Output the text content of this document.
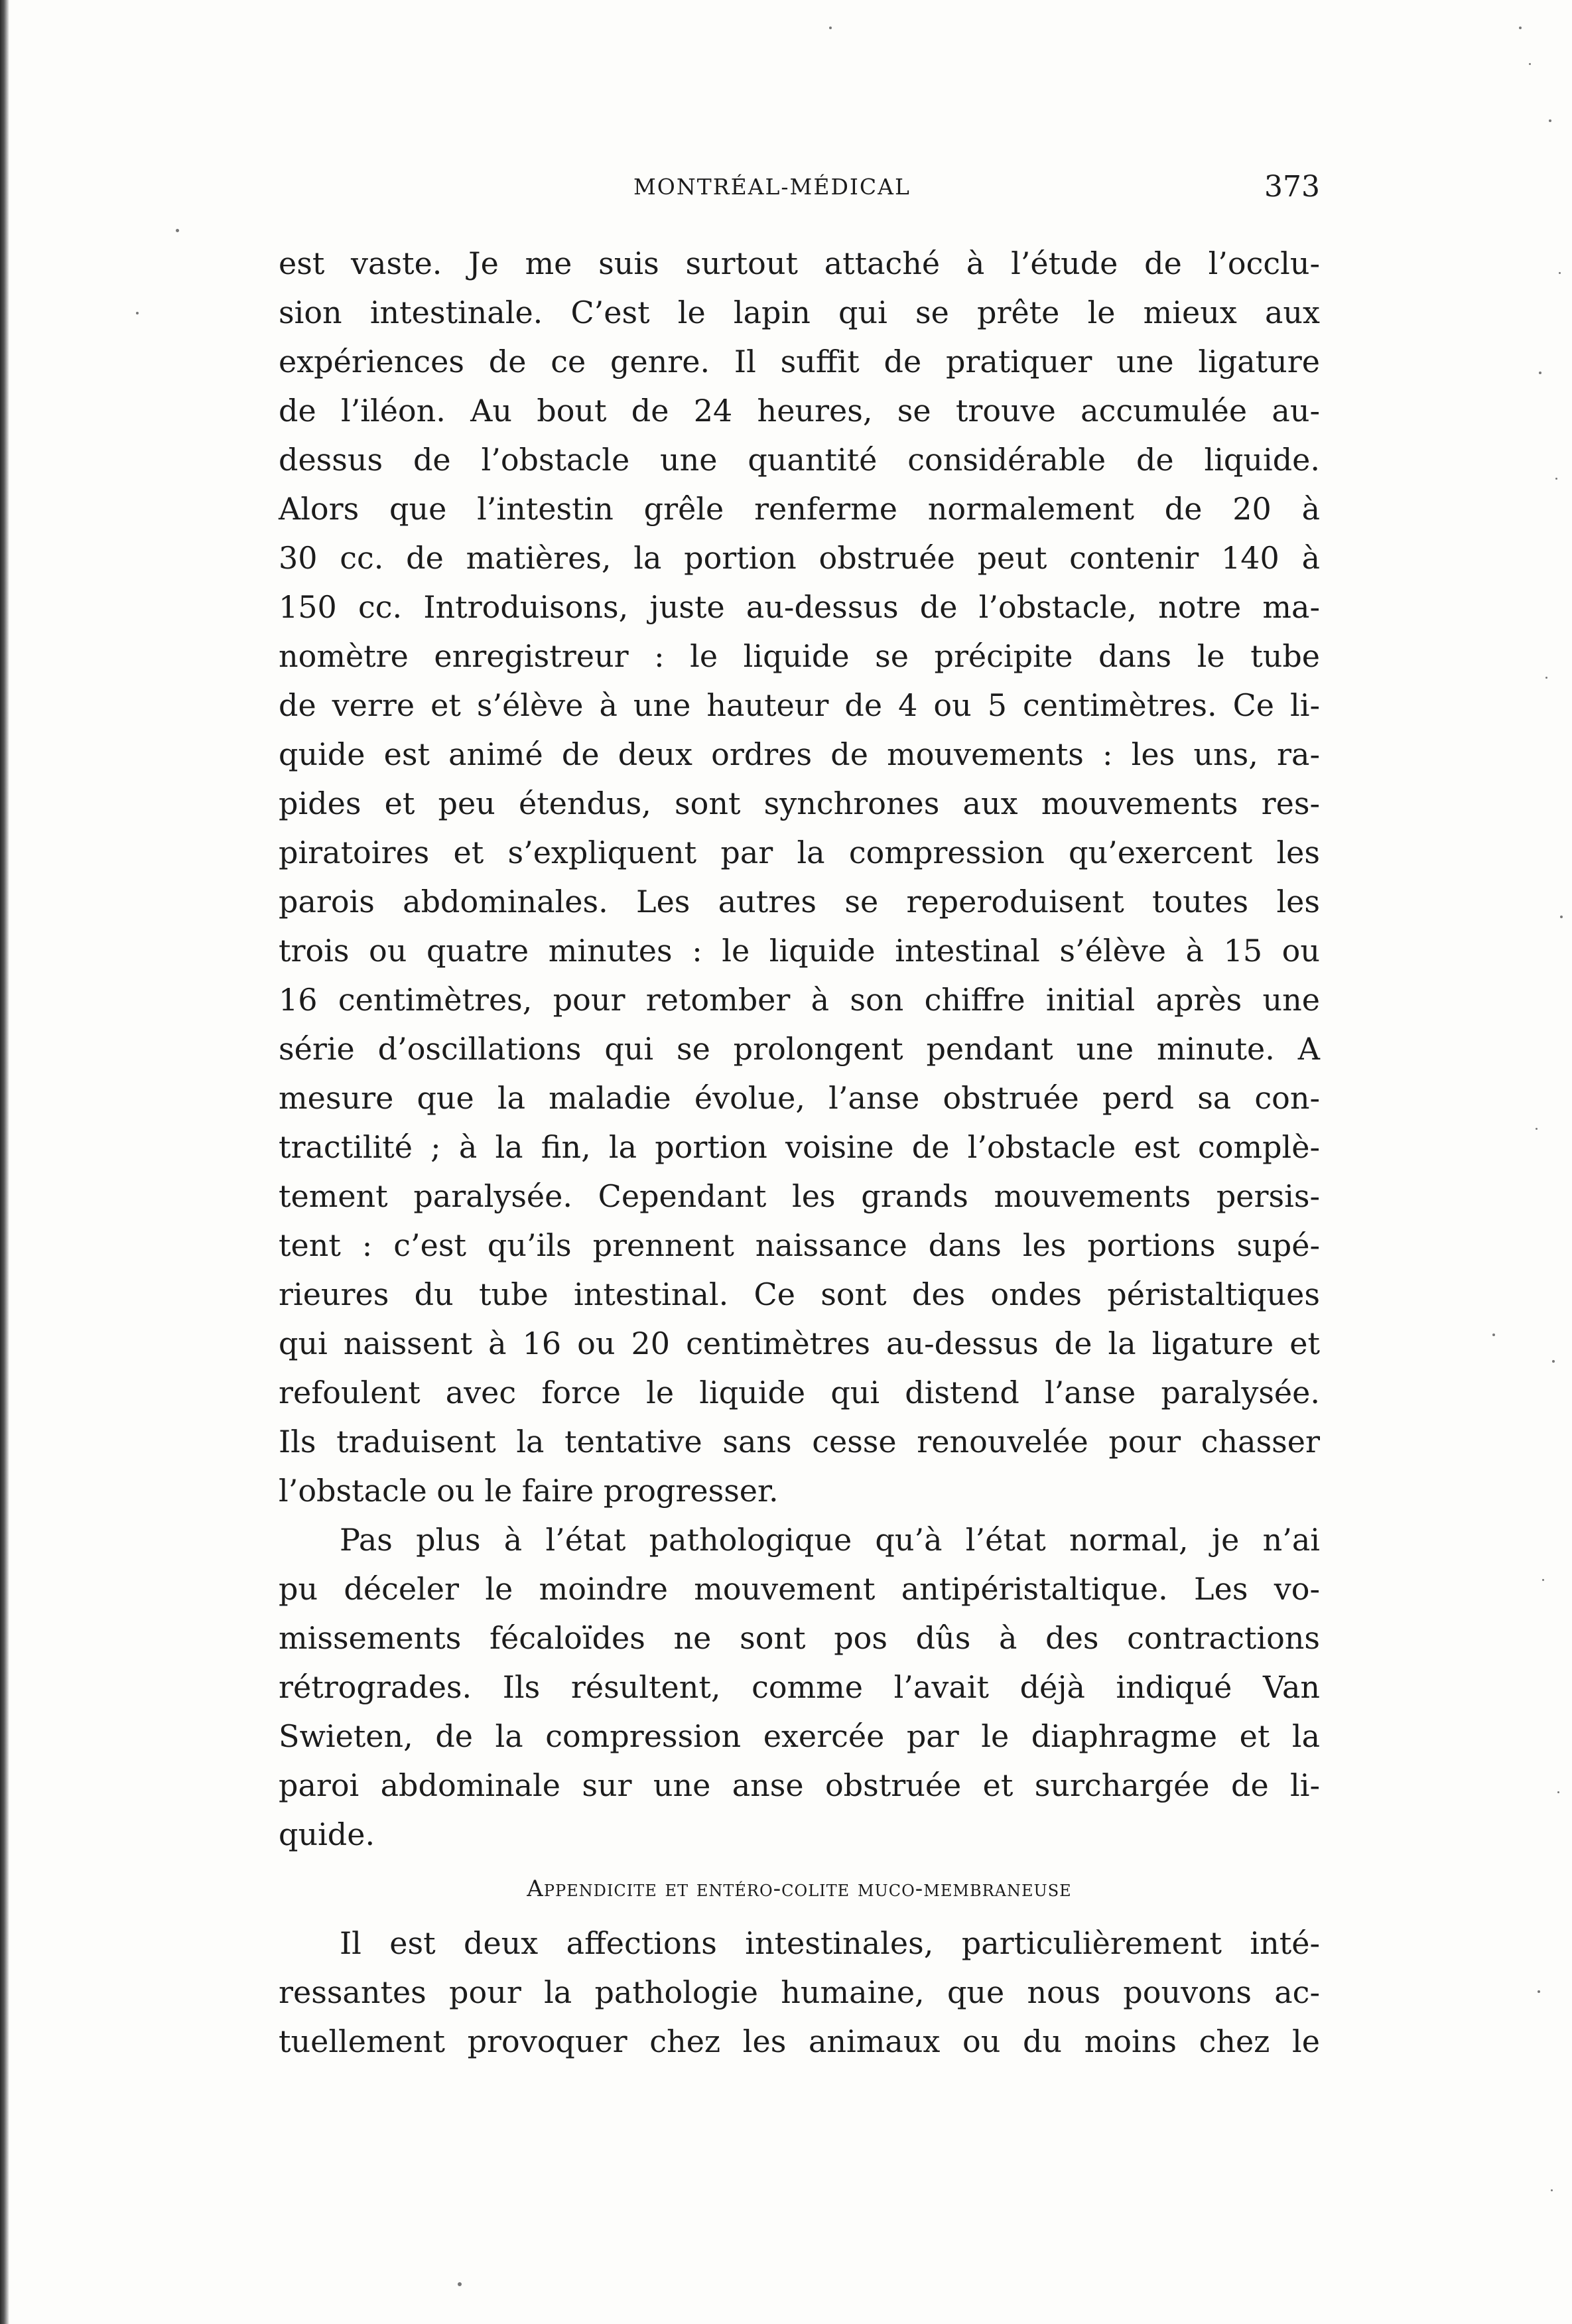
MONTRÉAL-MÉDICAL	373
est vaste. Je me suis surtout attaché à l’étude de l’occlu-
sion intestinale. C’est le lapin qui se prête le mieux aux
expériences de ce genre. Il suffit de pratiquer une ligature
de l’iléon. Au bout de 24 heures, se trouve accumulée au-
dessus de l’obstacle une quantité considérable de liquide.
Alors que l’intestin grêle renferme normalement de 20 à
30 cc. de matières, la portion obstruée peut contenir 140 à
150 cc. Introduisons, juste au-dessus de l’obstacle, notre ma-
nomètre enregistreur : le liquide se précipite dans le tube
de verre et s’élève à une hauteur de 4 ou 5 centimètres. Ce li-
quide est animé de deux ordres de mouvements : les uns, ra-
pides et peu étendus, sont synchrones aux mouvements res-
piratoires et s’expliquent par la compression qu’exercent les
parois abdominales. Les autres se reperoduisent toutes les
trois ou quatre minutes : le liquide intestinal s’élève à 15 ou
16 centimètres, pour retomber à son chiffre initial après une
série d’oscillations qui se prolongent pendant une minute. A
mesure que la maladie évolue, l’anse obstruée perd sa con-
tractilité ; à la fin, la portion voisine de l’obstacle est complè-
tement paralysée. Cependant les grands mouvements persis-
tent : c’est qu’ils prennent naissance dans les portions supé-
rieures du tube intestinal. Ce sont des ondes péristaltiques
qui naissent à 16 ou 20 centimètres au-dessus de la ligature et
refoulent avec force le liquide qui distend l’anse paralysée.
Ils traduisent la tentative sans cesse renouvelée pour chasser
l’obstacle ou le faire progresser.
Pas plus à l’état pathologique qu’à l’état normal, je n’ai
pu déceler le moindre mouvement antipéristaltique. Les vo-
missements fécaloïdes ne sont pos dûs à des contractions
rétrogrades. Ils résultent, comme l’avait déjà indiqué Van
Swieten, de la compression exercée par le diaphragme et la
paroi abdominale sur une anse obstruée et surchargée de li-
quide.
Appendicite et entéro-colite muco-membraneuse
Il est deux affections intestinales, particulièrement inté-
ressantes pour la pathologie humaine, que nous pouvons ac-
tuellement provoquer chez les animaux ou du moins chez le
